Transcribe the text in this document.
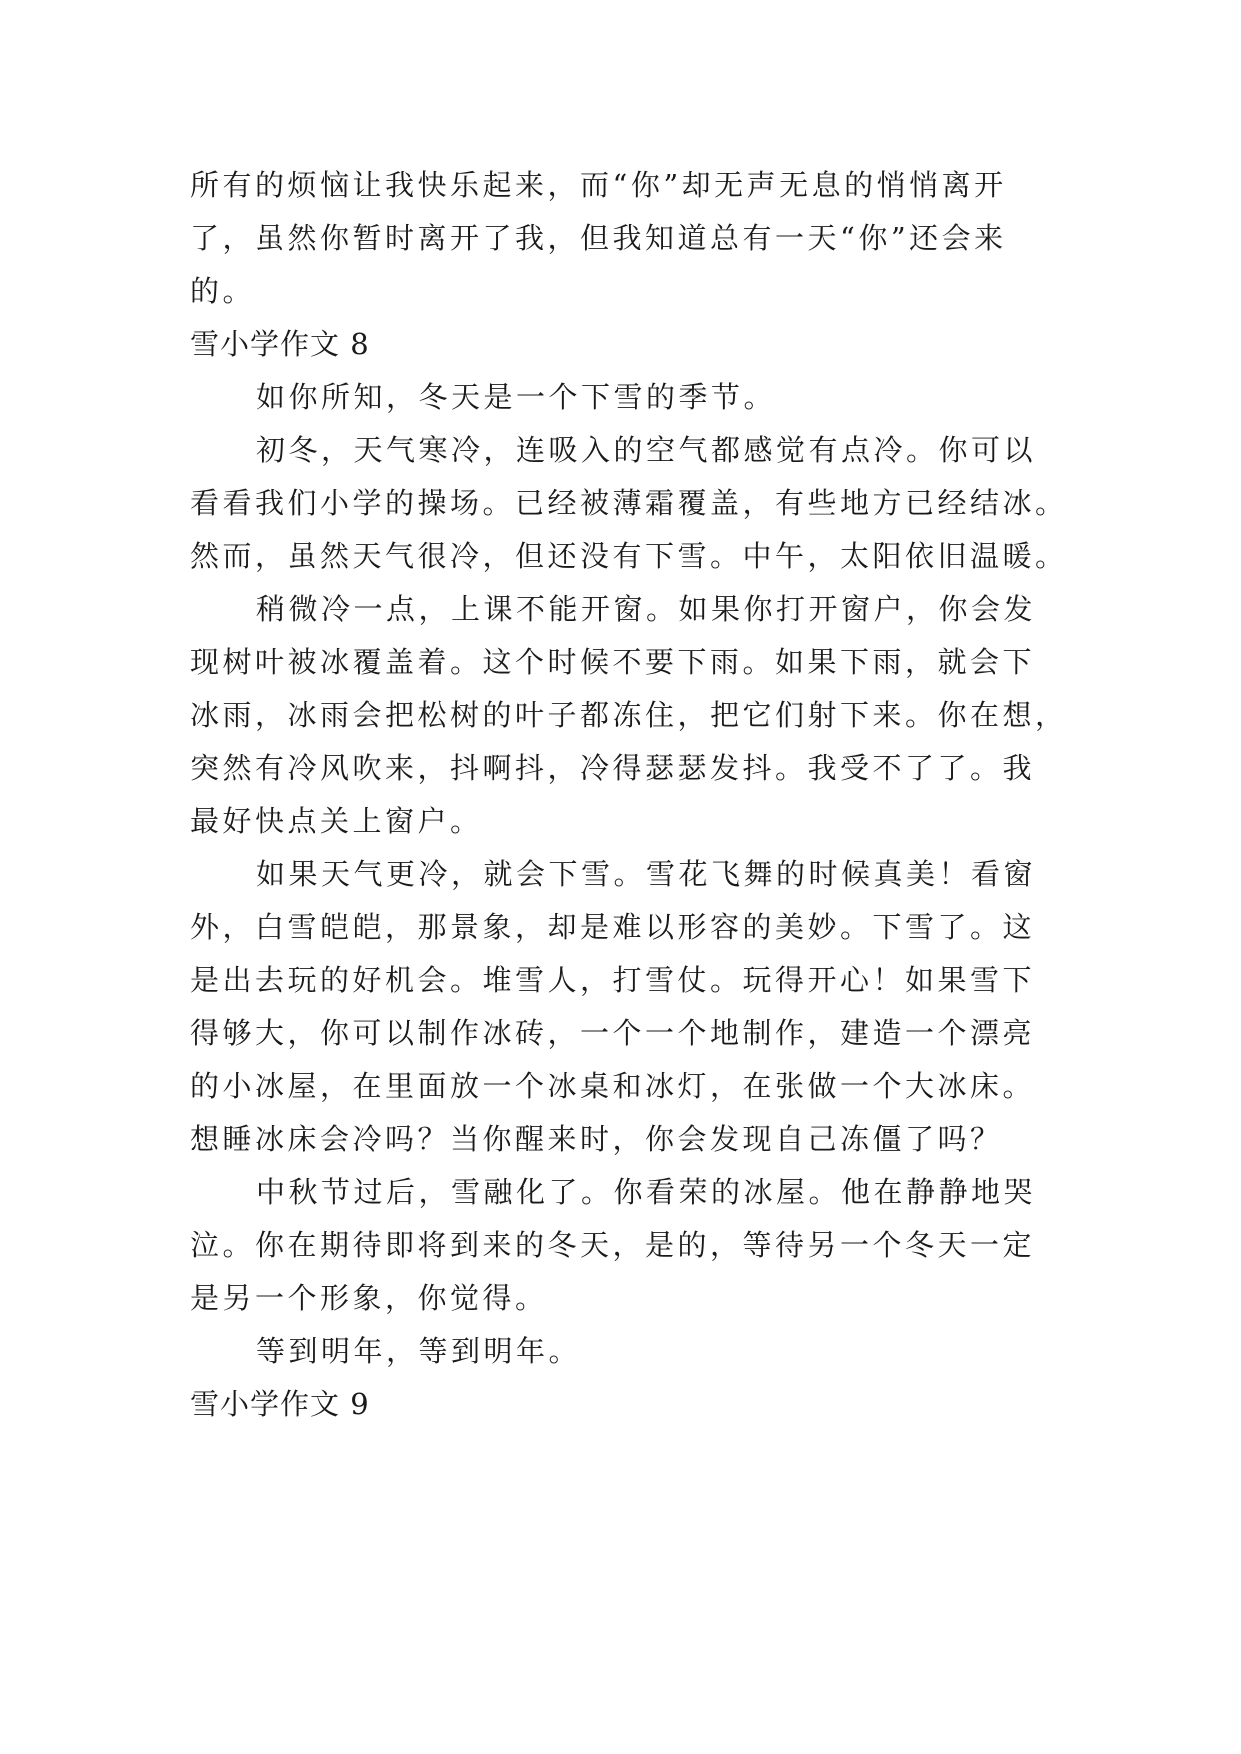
所有的烦恼让我快乐起来，而“你”却无声无息的悄悄离开
了，虽然你暂时离开了我，但我知道总有一天“你”还会来
的。
雪小学作文 8
如你所知，冬天是一个下雪的季节。
初冬，天气寒冷，连吸入的空气都感觉有点冷。你可以
看看我们小学的操场。已经被薄霜覆盖，有些地方已经结冰。
然而，虽然天气很冷，但还没有下雪。中午，太阳依旧温暖。
稍微冷一点，上课不能开窗。如果你打开窗户，你会发
现树叶被冰覆盖着。这个时候不要下雨。如果下雨，就会下
冰雨，冰雨会把松树的叶子都冻住，把它们射下来。你在想，
突然有冷风吹来，抖啊抖，冷得瑟瑟发抖。我受不了了。我
最好快点关上窗户。
如果天气更冷，就会下雪。雪花飞舞的时候真美！看窗
外，白雪皑皑，那景象，却是难以形容的美妙。下雪了。这
是出去玩的好机会。堆雪人，打雪仗。玩得开心！如果雪下
得够大，你可以制作冰砖，一个一个地制作，建造一个漂亮
的小冰屋，在里面放一个冰桌和冰灯，在张做一个大冰床。
想睡冰床会冷吗？当你醒来时，你会发现自己冻僵了吗？
中秋节过后，雪融化了。你看荣的冰屋。他在静静地哭
泣。你在期待即将到来的冬天，是的，等待另一个冬天一定
是另一个形象，你觉得。
等到明年，等到明年。
雪小学作文 9
